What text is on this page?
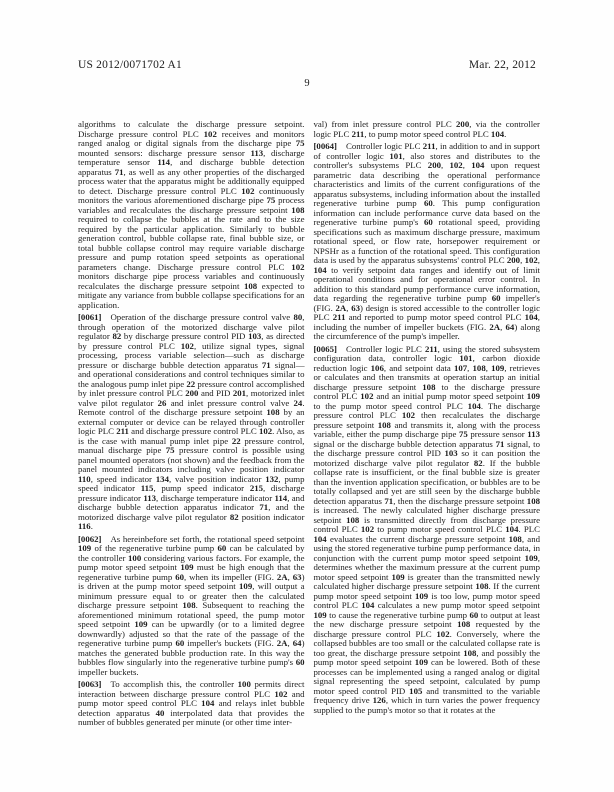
US 2012/0071702 A1	Mar. 22, 2012
9

algorithms to calculate the discharge pressure setpoint. Discharge pressure control PLC 102 receives and monitors ranged analog or digital signals from the discharge pipe 75 mounted sensors: discharge pressure sensor 113, discharge temperature sensor 114, and discharge bubble detection apparatus 71, as well as any other properties of the discharged process water that the apparatus might be additionally equipped to detect. Discharge pressure control PLC 102 continuously monitors the various aforementioned discharge pipe 75 process variables and recalculates the discharge pressure setpoint 108 required to collapse the bubbles at the rate and to the size required by the particular application. Similarly to bubble generation control, bubble collapse rate, final bubble size, or total bubble collapse control may require variable discharge pressure and pump rotation speed setpoints as operational parameters change. Discharge pressure control PLC 102 monitors discharge pipe process variables and continuously recalculates the discharge pressure setpoint 108 expected to mitigate any variance from bubble collapse specifications for an application.

[0061] Operation of the discharge pressure control valve 80, through operation of the motorized discharge valve pilot regulator 82 by discharge pressure control PID 103, as directed by pressure control PLC 102, utilize signal types, signal processing, process variable selection—such as discharge pressure or discharge bubble detection apparatus 71 signal—and operational considerations and control techniques similar to the analogous pump inlet pipe 22 pressure control accomplished by inlet pressure control PLC 200 and PID 201, motorized inlet valve pilot regulator 26 and inlet pressure control valve 24. Remote control of the discharge pressure setpoint 108 by an external computer or device can be relayed through controller logic PLC 211 and discharge pressure control PLC 102. Also, as is the case with manual pump inlet pipe 22 pressure control, manual discharge pipe 75 pressure control is possible using panel mounted operators (not shown) and the feedback from the panel mounted indicators including valve position indicator 110, speed indicator 134, valve position indicator 132, pump speed indicator 115, pump speed indicator 215, discharge pressure indicator 113, discharge temperature indicator 114, and discharge bubble detection apparatus indicator 71, and the motorized discharge valve pilot regulator 82 position indicator 116.

[0062] As hereinbefore set forth, the rotational speed setpoint 109 of the regenerative turbine pump 60 can be calculated by the controller 100 considering various factors. For example, the pump motor speed setpoint 109 must be high enough that the regenerative turbine pump 60, when its impeller (FIG. 2A, 63) is driven at the pump motor speed setpoint 109, will output a minimum pressure equal to or greater then the calculated discharge pressure setpoint 108. Subsequent to reaching the aforementioned minimum rotational speed, the pump motor speed setpoint 109 can be upwardly (or to a limited degree downwardly) adjusted so that the rate of the passage of the regenerative turbine pump 60 impeller's buckets (FIG. 2A, 64) matches the generated bubble production rate. In this way the bubbles flow singularly into the regenerative turbine pump's 60 impeller buckets.

[0063] To accomplish this, the controller 100 permits direct interaction between discharge pressure control PLC 102 and pump motor speed control PLC 104 and relays inlet bubble detection apparatus 40 interpolated data that provides the number of bubbles generated per minute (or other time inter-

val) from inlet pressure control PLC 200, via the controller logic PLC 211, to pump motor speed control PLC 104.

[0064] Controller logic PLC 211, in addition to and in support of controller logic 101, also stores and distributes to the controller's subsystems PLC 200, 102, 104 upon request parametric data describing the operational performance characteristics and limits of the current configurations of the apparatus subsystems, including information about the installed regenerative turbine pump 60. This pump configuration information can include performance curve data based on the regenerative turbine pump's 60 rotational speed, providing specifications such as maximum discharge pressure, maximum rotational speed, or flow rate, horsepower requirement or NPSHr as a function of the rotational speed. This configuration data is used by the apparatus subsystems' control PLC 200, 102, 104 to verify setpoint data ranges and identify out of limit operational conditions and for operational error control. In addition to this standard pump performance curve information, data regarding the regenerative turbine pump 60 impeller's (FIG. 2A, 63) design is stored accessible to the controller logic PLC 211 and reported to pump motor speed control PLC 104, including the number of impeller buckets (FIG. 2A, 64) along the circumference of the pump's impeller.

[0065] Controller logic PLC 211, using the stored subsystem configuration data, controller logic 101, carbon dioxide reduction logic 106, and setpoint data 107, 108, 109, retrieves or calculates and then transmits at operation startup an initial discharge pressure setpoint 108 to the discharge pressure control PLC 102 and an initial pump motor speed setpoint 109 to the pump motor speed control PLC 104. The discharge pressure control PLC 102 then recalculates the discharge pressure setpoint 108 and transmits it, along with the process variable, either the pump discharge pipe 75 pressure sensor 113 signal or the discharge bubble detection apparatus 71 signal, to the discharge pressure control PID 103 so it can position the motorized discharge valve pilot regulator 82. If the bubble collapse rate is insufficient, or the final bubble size is greater than the invention application specification, or bubbles are to be totally collapsed and yet are still seen by the discharge bubble detection apparatus 71, then the discharge pressure setpoint 108 is increased. The newly calculated higher discharge pressure setpoint 108 is transmitted directly from discharge pressure control PLC 102 to pump motor speed control PLC 104. PLC 104 evaluates the current discharge pressure setpoint 108, and using the stored regenerative turbine pump performance data, in conjunction with the current pump motor speed setpoint 109, determines whether the maximum pressure at the current pump motor speed setpoint 109 is greater than the transmitted newly calculated higher discharge pressure setpoint 108. If the current pump motor speed setpoint 109 is too low, pump motor speed control PLC 104 calculates a new pump motor speed setpoint 109 to cause the regenerative turbine pump 60 to output at least the new discharge pressure setpoint 108 requested by the discharge pressure control PLC 102. Conversely, where the collapsed bubbles are too small or the calculated collapse rate is too great, the discharge pressure setpoint 108, and possibly the pump motor speed setpoint 109 can be lowered. Both of these processes can be implemented using a ranged analog or digital signal representing the speed setpoint, calculated by pump motor speed control PID 105 and transmitted to the variable frequency drive 126, which in turn varies the power frequency supplied to the pump's motor so that it rotates at the
